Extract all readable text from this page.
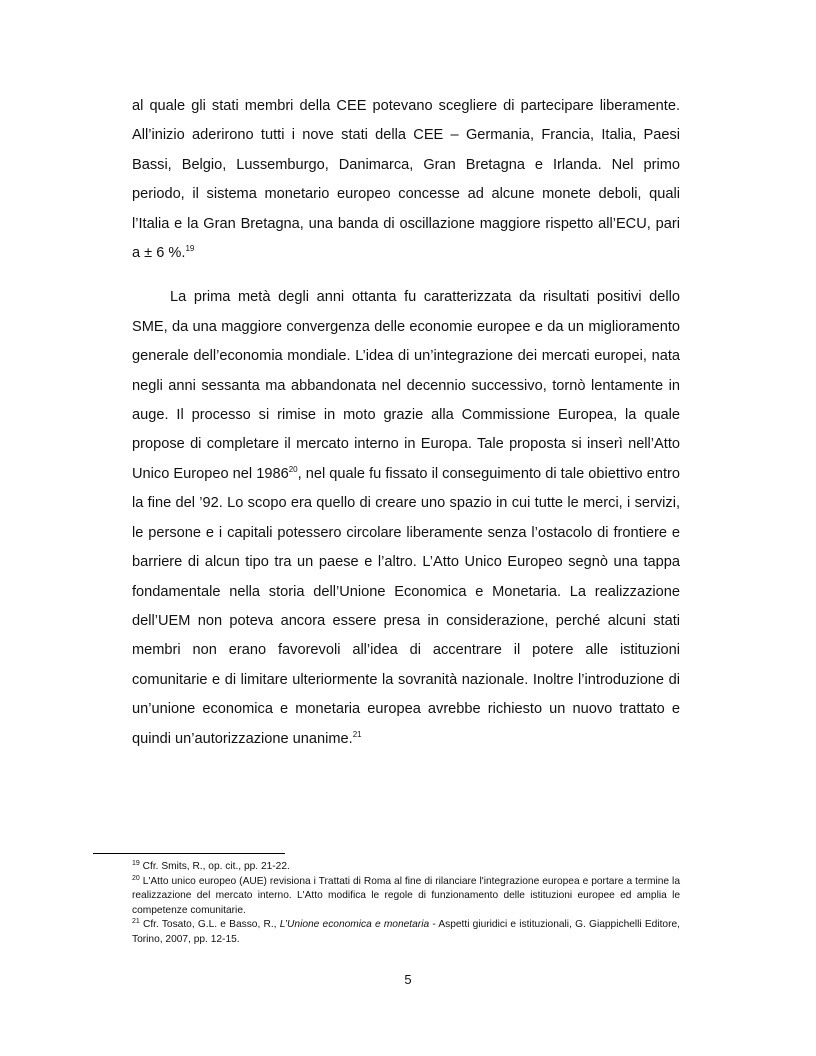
al quale gli stati membri della CEE potevano scegliere di partecipare liberamente. All’inizio aderirono tutti i nove stati della CEE – Germania, Francia, Italia, Paesi Bassi, Belgio, Lussemburgo, Danimarca, Gran Bretagna e Irlanda. Nel primo periodo, il sistema monetario europeo concesse ad alcune monete deboli, quali l’Italia e la Gran Bretagna, una banda di oscillazione maggiore rispetto all’ECU, pari a ± 6 %.$^{19}$

La prima metà degli anni ottanta fu caratterizzata da risultati positivi dello SME, da una maggiore convergenza delle economie europee e da un miglioramento generale dell’economia mondiale. L’idea di un’integrazione dei mercati europei, nata negli anni sessanta ma abbandonata nel decennio successivo, tornò lentamente in auge. Il processo si rimise in moto grazie alla Commissione Europea, la quale propose di completare il mercato interno in Europa. Tale proposta si inserì nell’Atto Unico Europeo nel 1986$^{20}$, nel quale fu fissato il conseguimento di tale obiettivo entro la fine del ’92. Lo scopo era quello di creare uno spazio in cui tutte le merci, i servizi, le persone e i capitali potessero circolare liberamente senza l’ostacolo di frontiere e barriere di alcun tipo tra un paese e l’altro. L’Atto Unico Europeo segnò una tappa fondamentale nella storia dell’Unione Economica e Monetaria. La realizzazione dell’UEM non poteva ancora essere presa in considerazione, perché alcuni stati membri non erano favorevoli all’idea di accentrare il potere alle istituzioni comunitarie e di limitare ulteriormente la sovranità nazionale. Inoltre l’introduzione di un’unione economica e monetaria europea avrebbe richiesto un nuovo trattato e quindi un’autorizzazione unanime.$^{21}$

$^{19}$ Cfr. Smits, R., op. cit., pp. 21-22.

$^{20}$ L'Atto unico europeo (AUE) revisiona i Trattati di Roma al fine di rilanciare l'integrazione europea e portare a termine la realizzazione del mercato interno. L'Atto modifica le regole di funzionamento delle istituzioni europee ed amplia le competenze comunitarie.

$^{21}$ Cfr. Tosato, G.L. e Basso, R., L’Unione economica e monetaria - Aspetti giuridici e istituzionali, G. Giappichelli Editore, Torino, 2007, pp. 12-15.

5
